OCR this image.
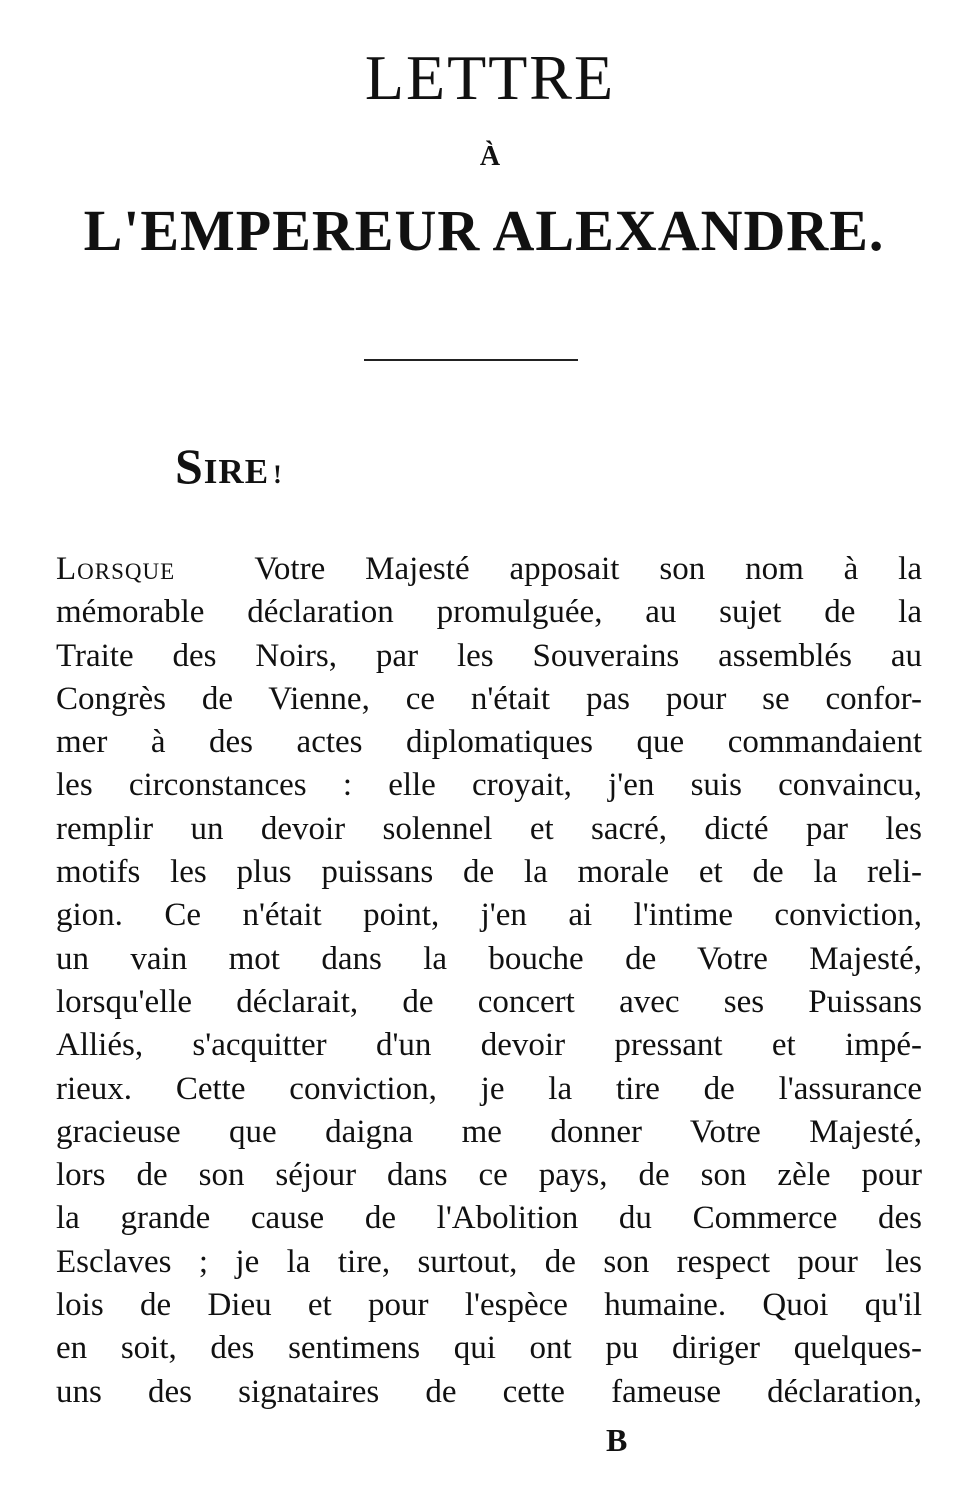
LETTRE
À
L'EMPEREUR ALEXANDRE.
Sire !
Lorsque Votre Majesté apposait son nom à la
mémorable déclaration promulguée, au sujet de la
Traite des Noirs, par les Souverains assemblés au
Congrès de Vienne, ce n'était pas pour se confor-
mer à des actes diplomatiques que commandaient
les circonstances : elle croyait, j'en suis convaincu,
remplir un devoir solennel et sacré, dicté par les
motifs les plus puissans de la morale et de la reli-
gion. Ce n'était point, j'en ai l'intime conviction,
un vain mot dans la bouche de Votre Majesté,
lorsqu'elle déclarait, de concert avec ses Puissans
Alliés, s'acquitter d'un devoir pressant et impé-
rieux. Cette conviction, je la tire de l'assurance
gracieuse que daigna me donner Votre Majesté,
lors de son séjour dans ce pays, de son zèle pour
la grande cause de l'Abolition du Commerce des
Esclaves ; je la tire, surtout, de son respect pour les
lois de Dieu et pour l'espèce humaine. Quoi qu'il
en soit, des sentimens qui ont pu diriger quelques-
uns des signataires de cette fameuse déclaration,
B
